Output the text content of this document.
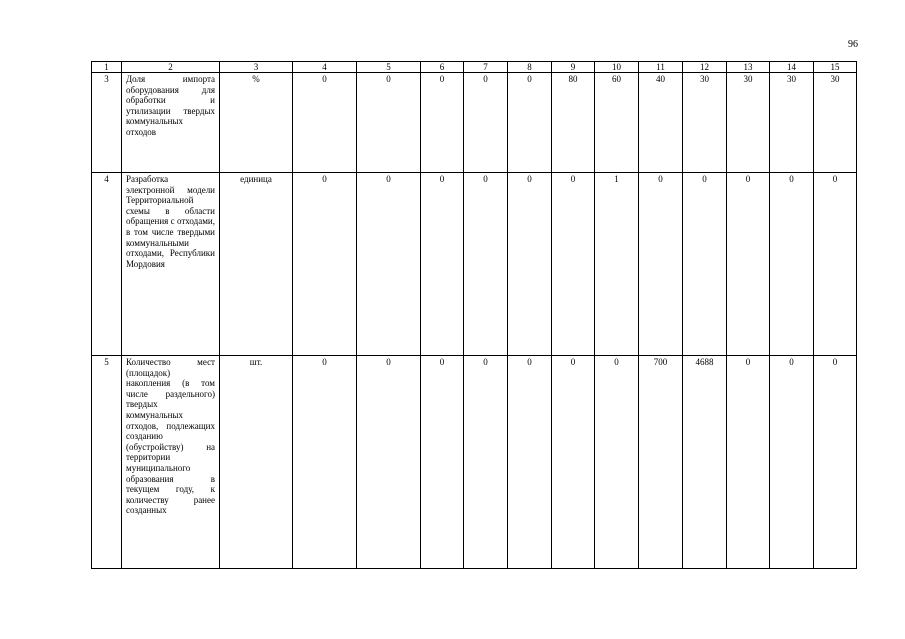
96
1	2	3	4	5	6	7	8	9	10	11	12	13	14	15
3	Доля импорта оборудования для обработки и утилизации твердых коммунальных отходов	%	0	0	0	0	0	80	60	40	30	30	30	30
4	Разработка электронной модели Территориальной схемы в области обращения с отходами, в том числе твердыми коммунальными отходами, Республики Мордовия	единица	0	0	0	0	0	0	1	0	0	0	0	0
5	Количество мест (площадок) накопления (в том числе раздельного) твердых коммунальных отходов, подлежащих созданию (обустройству) на территории муниципального образования в текущем году, к количеству ранее созданных	шт.	0	0	0	0	0	0	0	700	4688	0	0	0
